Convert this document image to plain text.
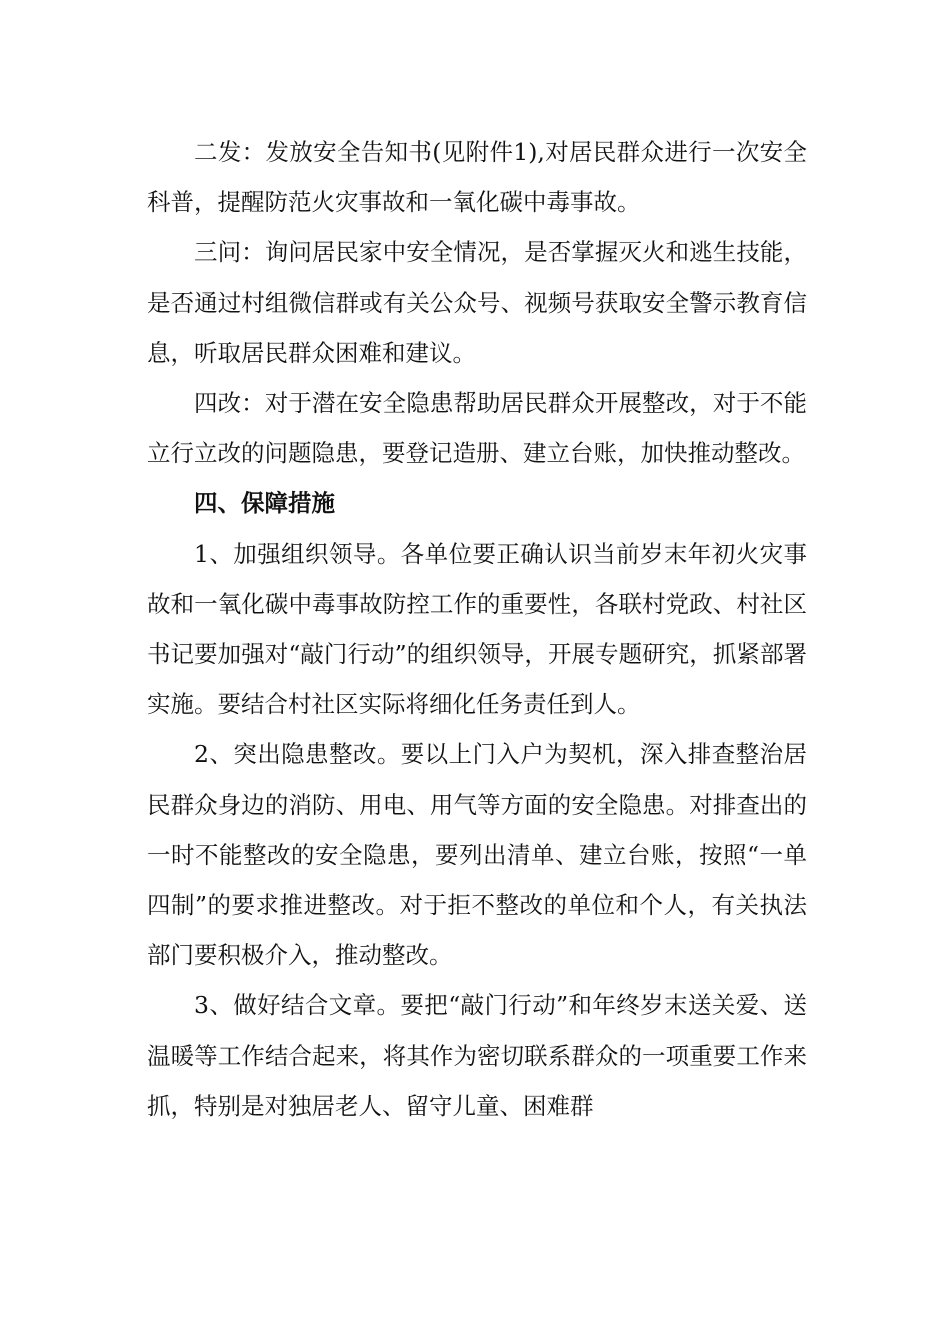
二发：发放安全告知书(见附件1),对居民群众进行一次安全科普，提醒防范火灾事故和一氧化碳中毒事故。

三问：询问居民家中安全情况，是否掌握灭火和逃生技能，是否通过村组微信群或有关公众号、视频号获取安全警示教育信息，听取居民群众困难和建议。

四改：对于潜在安全隐患帮助居民群众开展整改，对于不能立行立改的问题隐患，要登记造册、建立台账，加快推动整改。

四、保障措施

1、加强组织领导。各单位要正确认识当前岁末年初火灾事故和一氧化碳中毒事故防控工作的重要性，各联村党政、村社区书记要加强对“敲门行动”的组织领导，开展专题研究，抓紧部署实施。要结合村社区实际将细化任务责任到人。

2、突出隐患整改。要以上门入户为契机，深入排查整治居民群众身边的消防、用电、用气等方面的安全隐患。对排查出的一时不能整改的安全隐患，要列出清单、建立台账，按照“一单四制”的要求推进整改。对于拒不整改的单位和个人，有关执法部门要积极介入，推动整改。

3、做好结合文章。要把“敲门行动”和年终岁末送关爱、送温暖等工作结合起来，将其作为密切联系群众的一项重要工作来抓，特别是对独居老人、留守儿童、困难群
